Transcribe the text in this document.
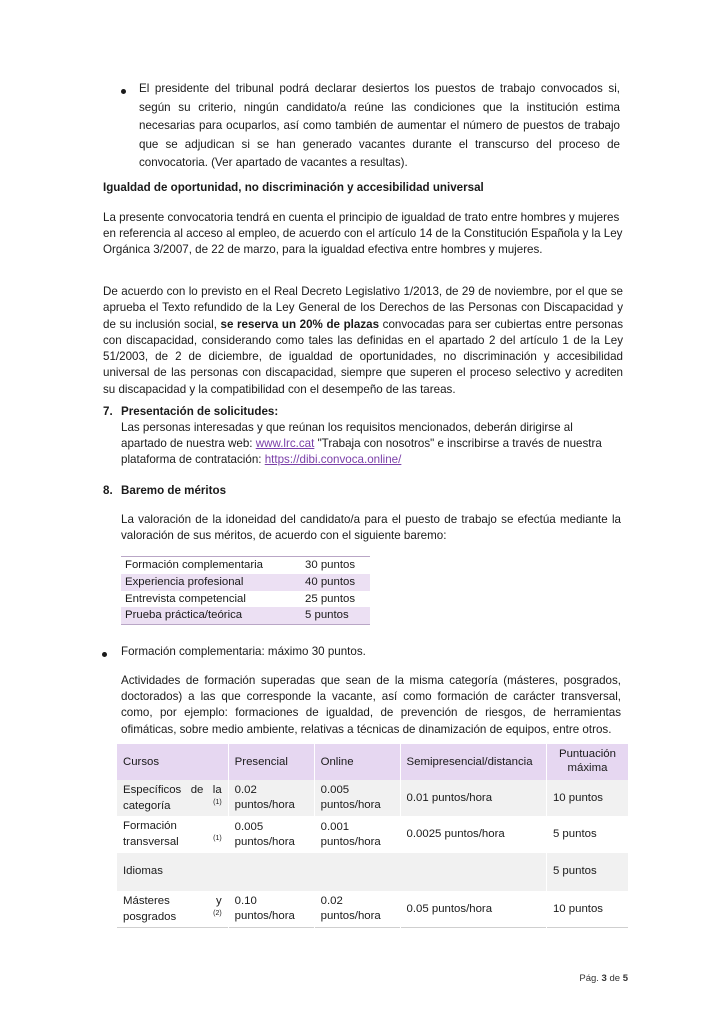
El presidente del tribunal podrá declarar desiertos los puestos de trabajo convocados si, según su criterio, ningún candidato/a reúne las condiciones que la institución estima necesarias para ocuparlos, así como también de aumentar el número de puestos de trabajo que se adjudican si se han generado vacantes durante el transcurso del proceso de convocatoria. (Ver apartado de vacantes a resultas).

Igualdad de oportunidad, no discriminación y accesibilidad universal

La presente convocatoria tendrá en cuenta el principio de igualdad de trato entre hombres y mujeres en referencia al acceso al empleo, de acuerdo con el artículo 14 de la Constitución Española y la Ley Orgánica 3/2007, de 22 de marzo, para la igualdad efectiva entre hombres y mujeres.

De acuerdo con lo previsto en el Real Decreto Legislativo 1/2013, de 29 de noviembre, por el que se aprueba el Texto refundido de la Ley General de los Derechos de las Personas con Discapacidad y de su inclusión social, se reserva un 20% de plazas convocadas para ser cubiertas entre personas con discapacidad, considerando como tales las definidas en el apartado 2 del artículo 1 de la Ley 51/2003, de 2 de diciembre, de igualdad de oportunidades, no discriminación y accesibilidad universal de las personas con discapacidad, siempre que superen el proceso selectivo y acrediten su discapacidad y la compatibilidad con el desempeño de las tareas.

7. Presentación de solicitudes:

Las personas interesadas y que reúnan los requisitos mencionados, deberán dirigirse al apartado de nuestra web: www.lrc.cat "Trabaja con nosotros" e inscribirse a través de nuestra plataforma de contratación: https://dibi.convoca.online/

8. Baremo de méritos

La valoración de la idoneidad del candidato/a para el puesto de trabajo se efectúa mediante la valoración de sus méritos, de acuerdo con el siguiente baremo:

Formación complementaria	30 puntos
Experiencia profesional	40 puntos
Entrevista competencial	25 puntos
Prueba práctica/teórica	5 puntos

Formación complementaria: máximo 30 puntos.

Actividades de formación superadas que sean de la misma categoría (másteres, posgrados, doctorados) a las que corresponde la vacante, así como formación de carácter transversal, como, por ejemplo: formaciones de igualdad, de prevención de riesgos, de herramientas ofimáticas, sobre medio ambiente, relativas a técnicas de dinamización de equipos, entre otros.

Cursos	Presencial	Online	Semipresencial/distancia	Puntuación máxima
Específicos de la
categoría $^{(1)}$	0.02 puntos/hora	0.005 puntos/hora	0.01 puntos/hora	10 puntos
Formación
transversal $^{(1)}$	0.005 puntos/hora	0.001 puntos/hora	0.0025 puntos/hora	5 puntos
Idiomas				5 puntos
Másteres y
posgrados $^{(2)}$	0.10 puntos/hora	0.02 puntos/hora	0.05 puntos/hora	10 puntos
Pág. 3 de 5
